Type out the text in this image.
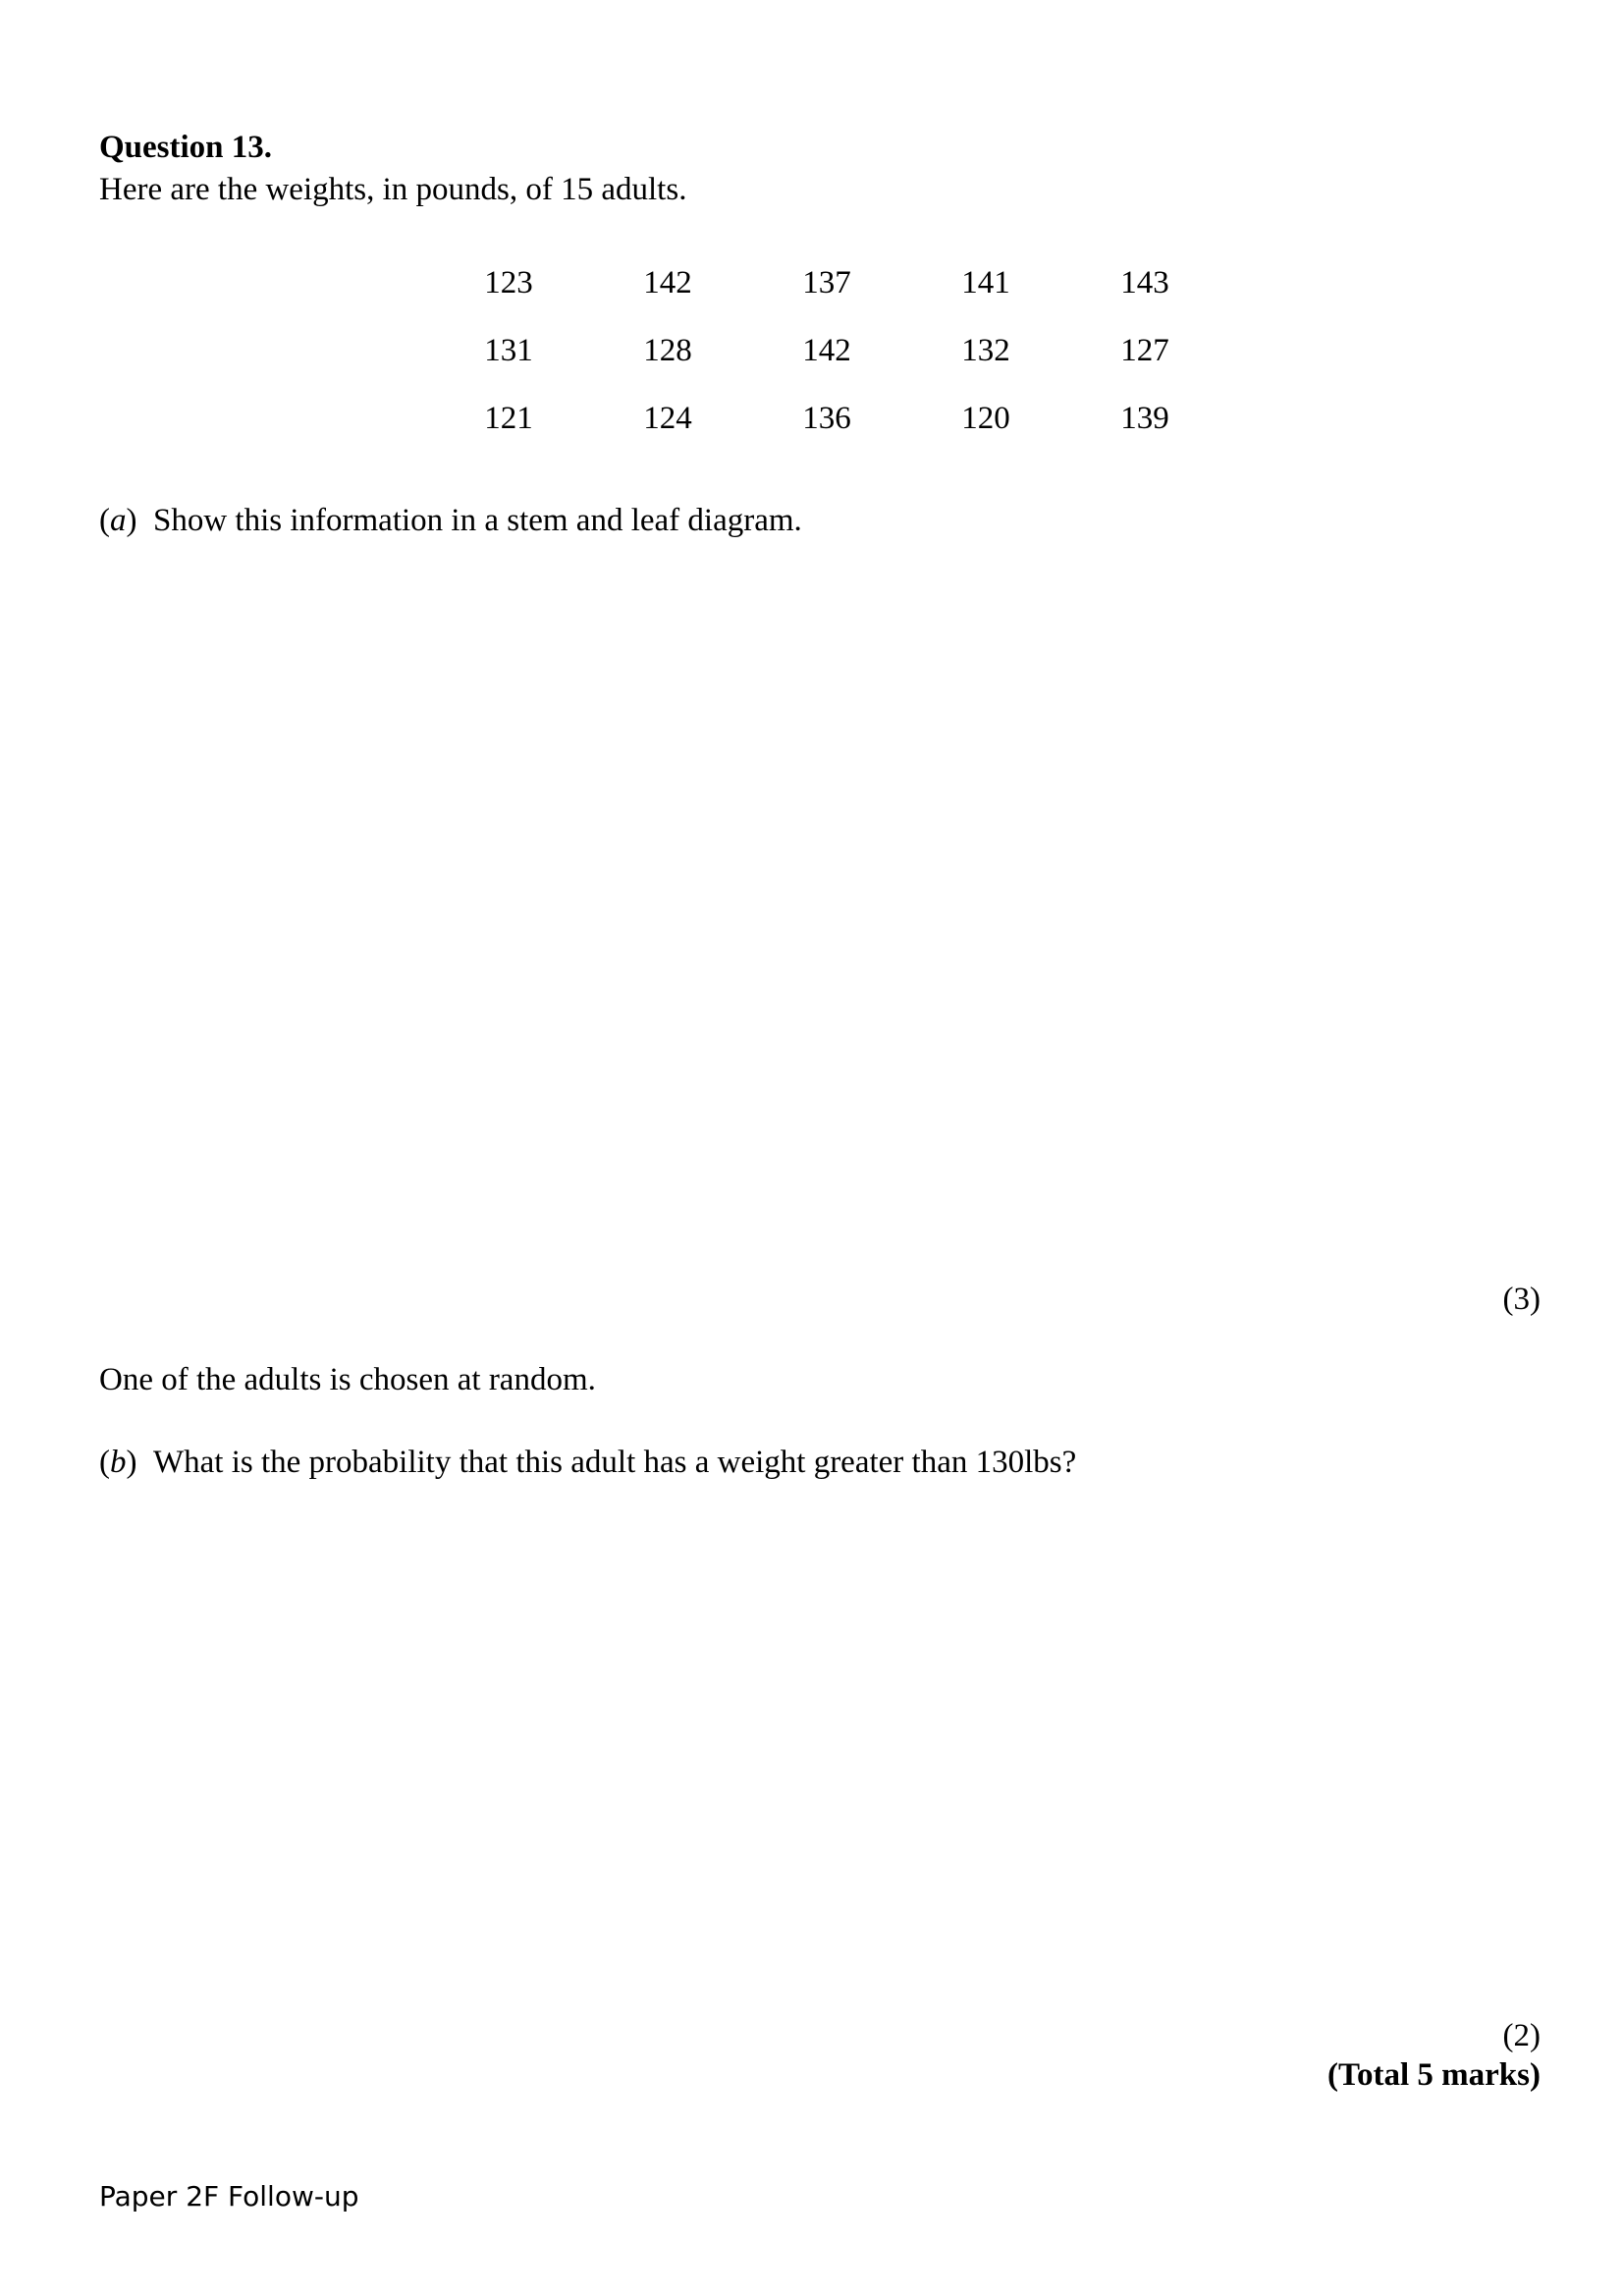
Question 13.
Here are the weights, in pounds, of 15 adults.
123	142	137	141	143
131	128	142	132	127
121	124	136	120	139
(a) Show this information in a stem and leaf diagram.
(3)
One of the adults is chosen at random.
(b) What is the probability that this adult has a weight greater than 130lbs?
(2)
(Total 5 marks)
Paper 2F Follow-up
